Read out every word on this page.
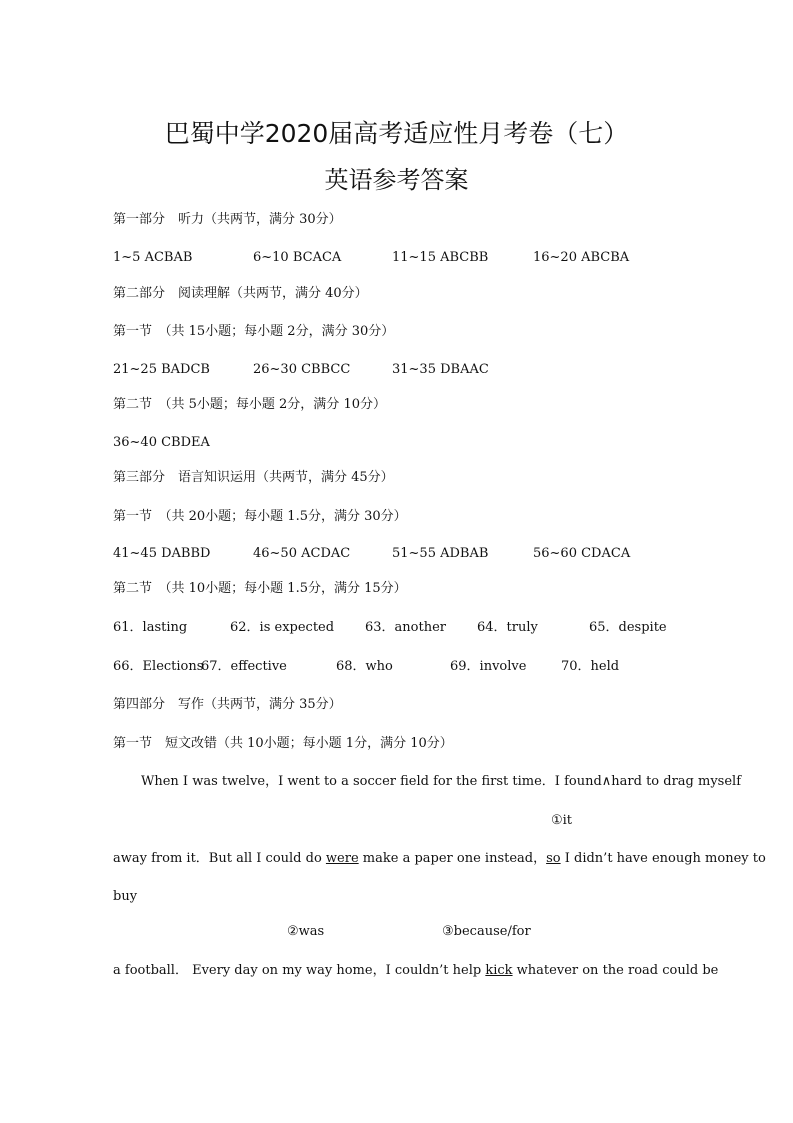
巴蜀中学2020届高考适应性月考卷（七）
英语参考答案
第一部分　听力（共两节，满分 30分）
1~5 ACBAB	6~10 BCACA	11~15 ABCBB	16~20 ABCBA
第二部分　阅读理解（共两节，满分 40分）
第一节　（共 15小题；每小题 2分，满分 30分）
21~25 BADCB	26~30 CBBCC	31~35 DBAAC
第二节　（共 5小题；每小题 2分，满分 10分）
36~40 CBDEA
第三部分　语言知识运用（共两节，满分 45分）
第一节　（共 20小题；每小题 1.5分，满分 30分）
41~45 DABBD	46~50 ACDAC	51~55 ADBAB	56~60 CDACA
第二节　（共 10小题；每小题 1.5分，满分 15分）
61．lasting	62．is expected 63．another 64．truly	65．despite
66．Elections
67．effective	68．who	69．involve	70．held
第四部分　写作（共两节，满分 35分）
第一节　短文改错（共 10小题；每小题 1分，满分 10分）
When I was twelve，I went to a soccer field for the first time．I found∧hard to drag myself
①it
away from it．But all I could do were make a paper one instead，so I didn’t have enough money to
buy
②was	③because/for
a football． Every day on my way home，I couldn’t help kick whatever on the road could be
